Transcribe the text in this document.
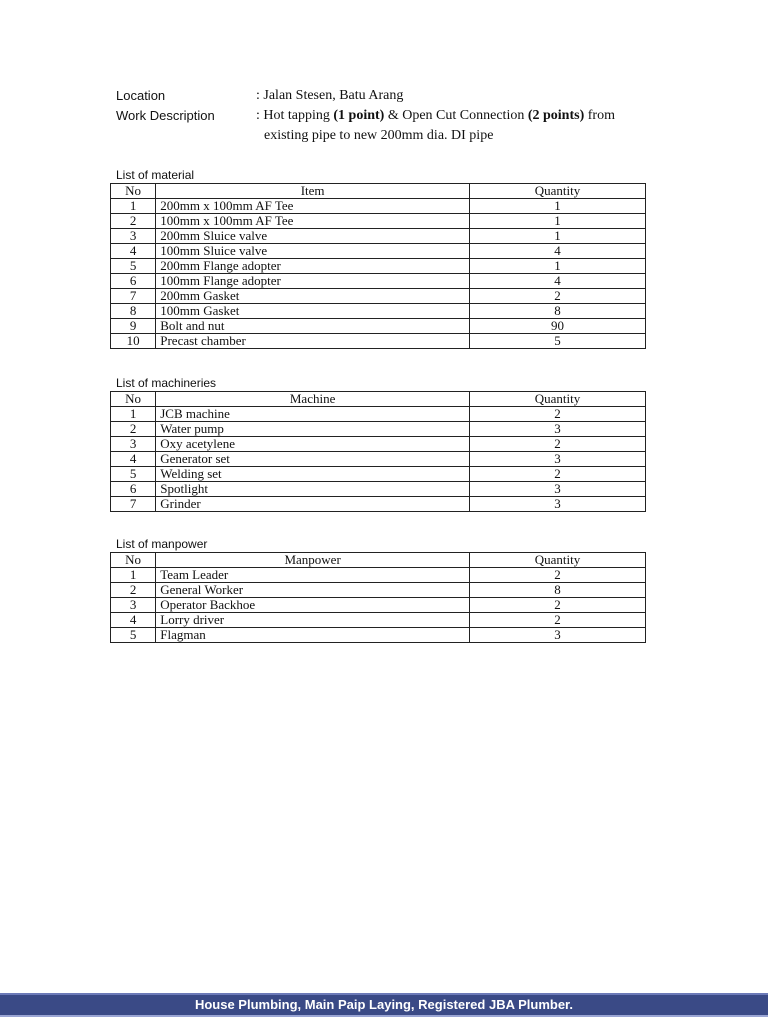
Location	: Jalan Stesen, Batu Arang
Work Description	: Hot tapping (1 point) & Open Cut Connection (2 points) from
existing pipe to new 200mm dia. DI pipe
List of material
No	Item	Quantity
1	200mm x 100mm AF Tee	1
2	100mm x 100mm AF Tee	1
3	200mm Sluice valve	1
4	100mm Sluice valve	4
5	200mm Flange adopter	1
6	100mm Flange adopter	4
7	200mm Gasket	2
8	100mm Gasket	8
9	Bolt and nut	90
10	Precast chamber	5
List of machineries
No	Machine	Quantity
1	JCB machine	2
2	Water pump	3
3	Oxy acetylene	2
4	Generator set	3
5	Welding set	2
6	Spotlight	3
7	Grinder	3
List of manpower
No	Manpower	Quantity
1	Team Leader	2
2	General Worker	8
3	Operator Backhoe	2
4	Lorry driver	2
5	Flagman	3
House Plumbing, Main Paip Laying, Registered JBA Plumber.
